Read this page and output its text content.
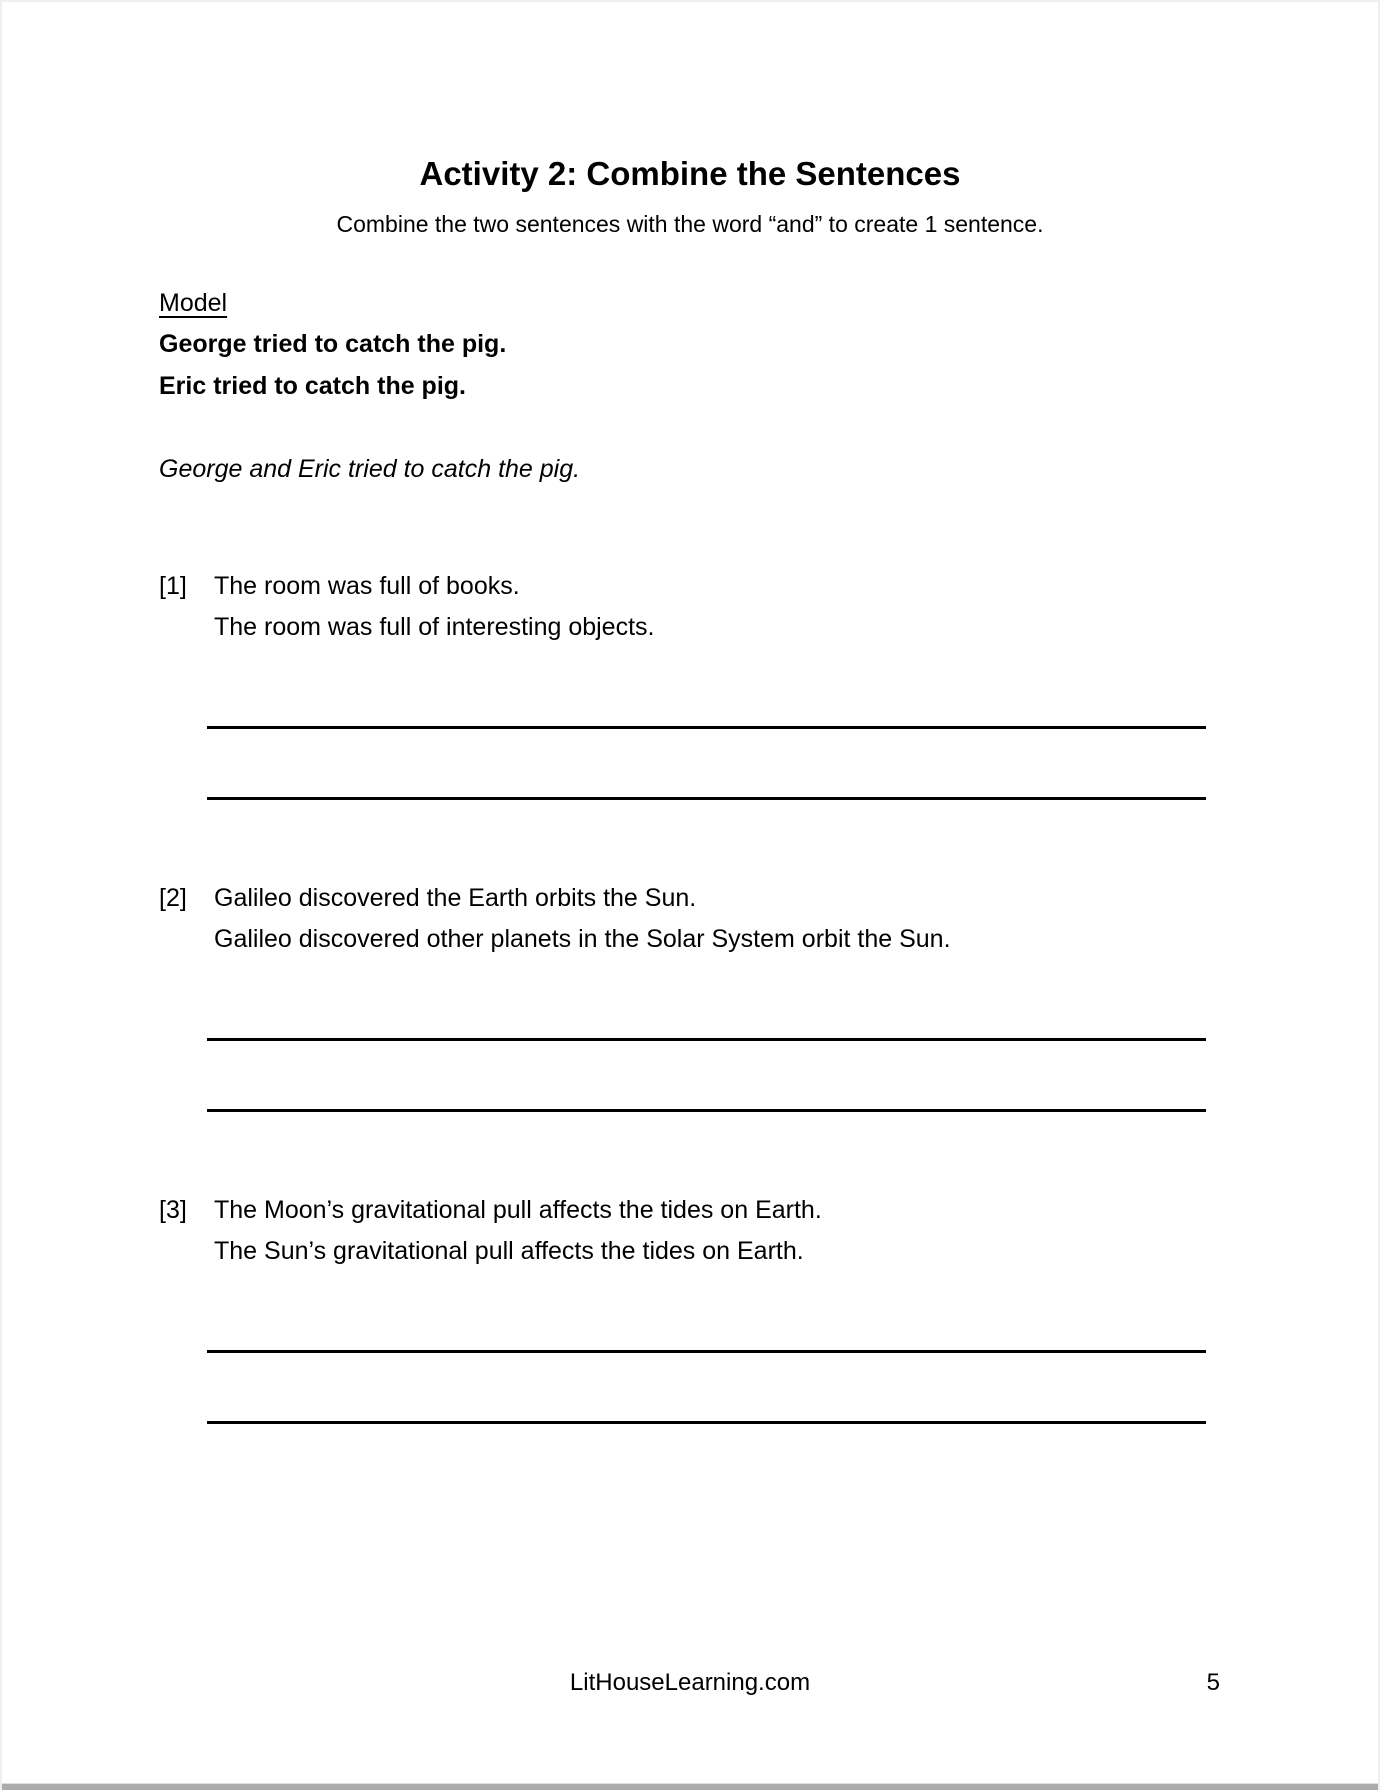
Activity 2: Combine the Sentences

Combine the two sentences with the word “and” to create 1 sentence.

Model
George tried to catch the pig.
Eric tried to catch the pig.
George and Eric tried to catch the pig.
[1]	The room was full of books.
The room was full of interesting objects.
[2]	Galileo discovered the Earth orbits the Sun.
Galileo discovered other planets in the Solar System orbit the Sun.
[3]	The Moon’s gravitational pull affects the tides on Earth.
The Sun’s gravitational pull affects the tides on Earth.
LitHouseLearning.com	5
